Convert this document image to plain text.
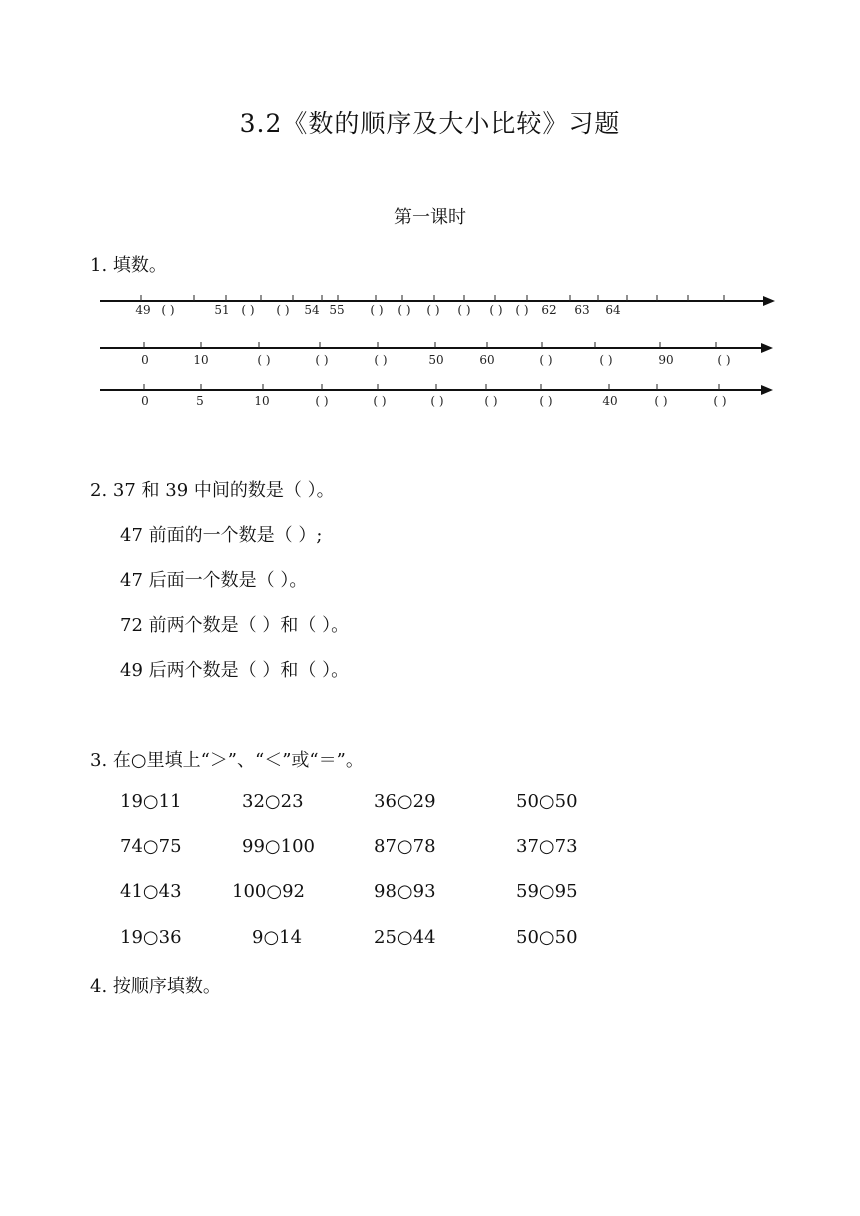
3.2《数的顺序及大小比较》习题
第一课时
1. 填数。
49 ( )	51 ( ) ( ) 54 55 ( ) ( ) ( ) ( ) ( ) ( ) 62 63 64
0	10	( )	( )	( )	50	60	( )	( )	90	( )
0	5	10	( )	( )	( )	( )	( )	40	( )	( )
2. 37 和 39 中间的数是（ ）。
47 前面的一个数是（ ）;
47 后面一个数是（ ）。
72 前两个数是（ ）和（ ）。
49 后两个数是（ ）和（ ）。
3. 在○里填上“＞”、“＜”或“＝”。
19○11	32○23	36○29	50○50
74○75	99○100	87○78	37○73
41○43	100○92	98○93	59○95
19○36	9○14	25○44	50○50
4. 按顺序填数。
